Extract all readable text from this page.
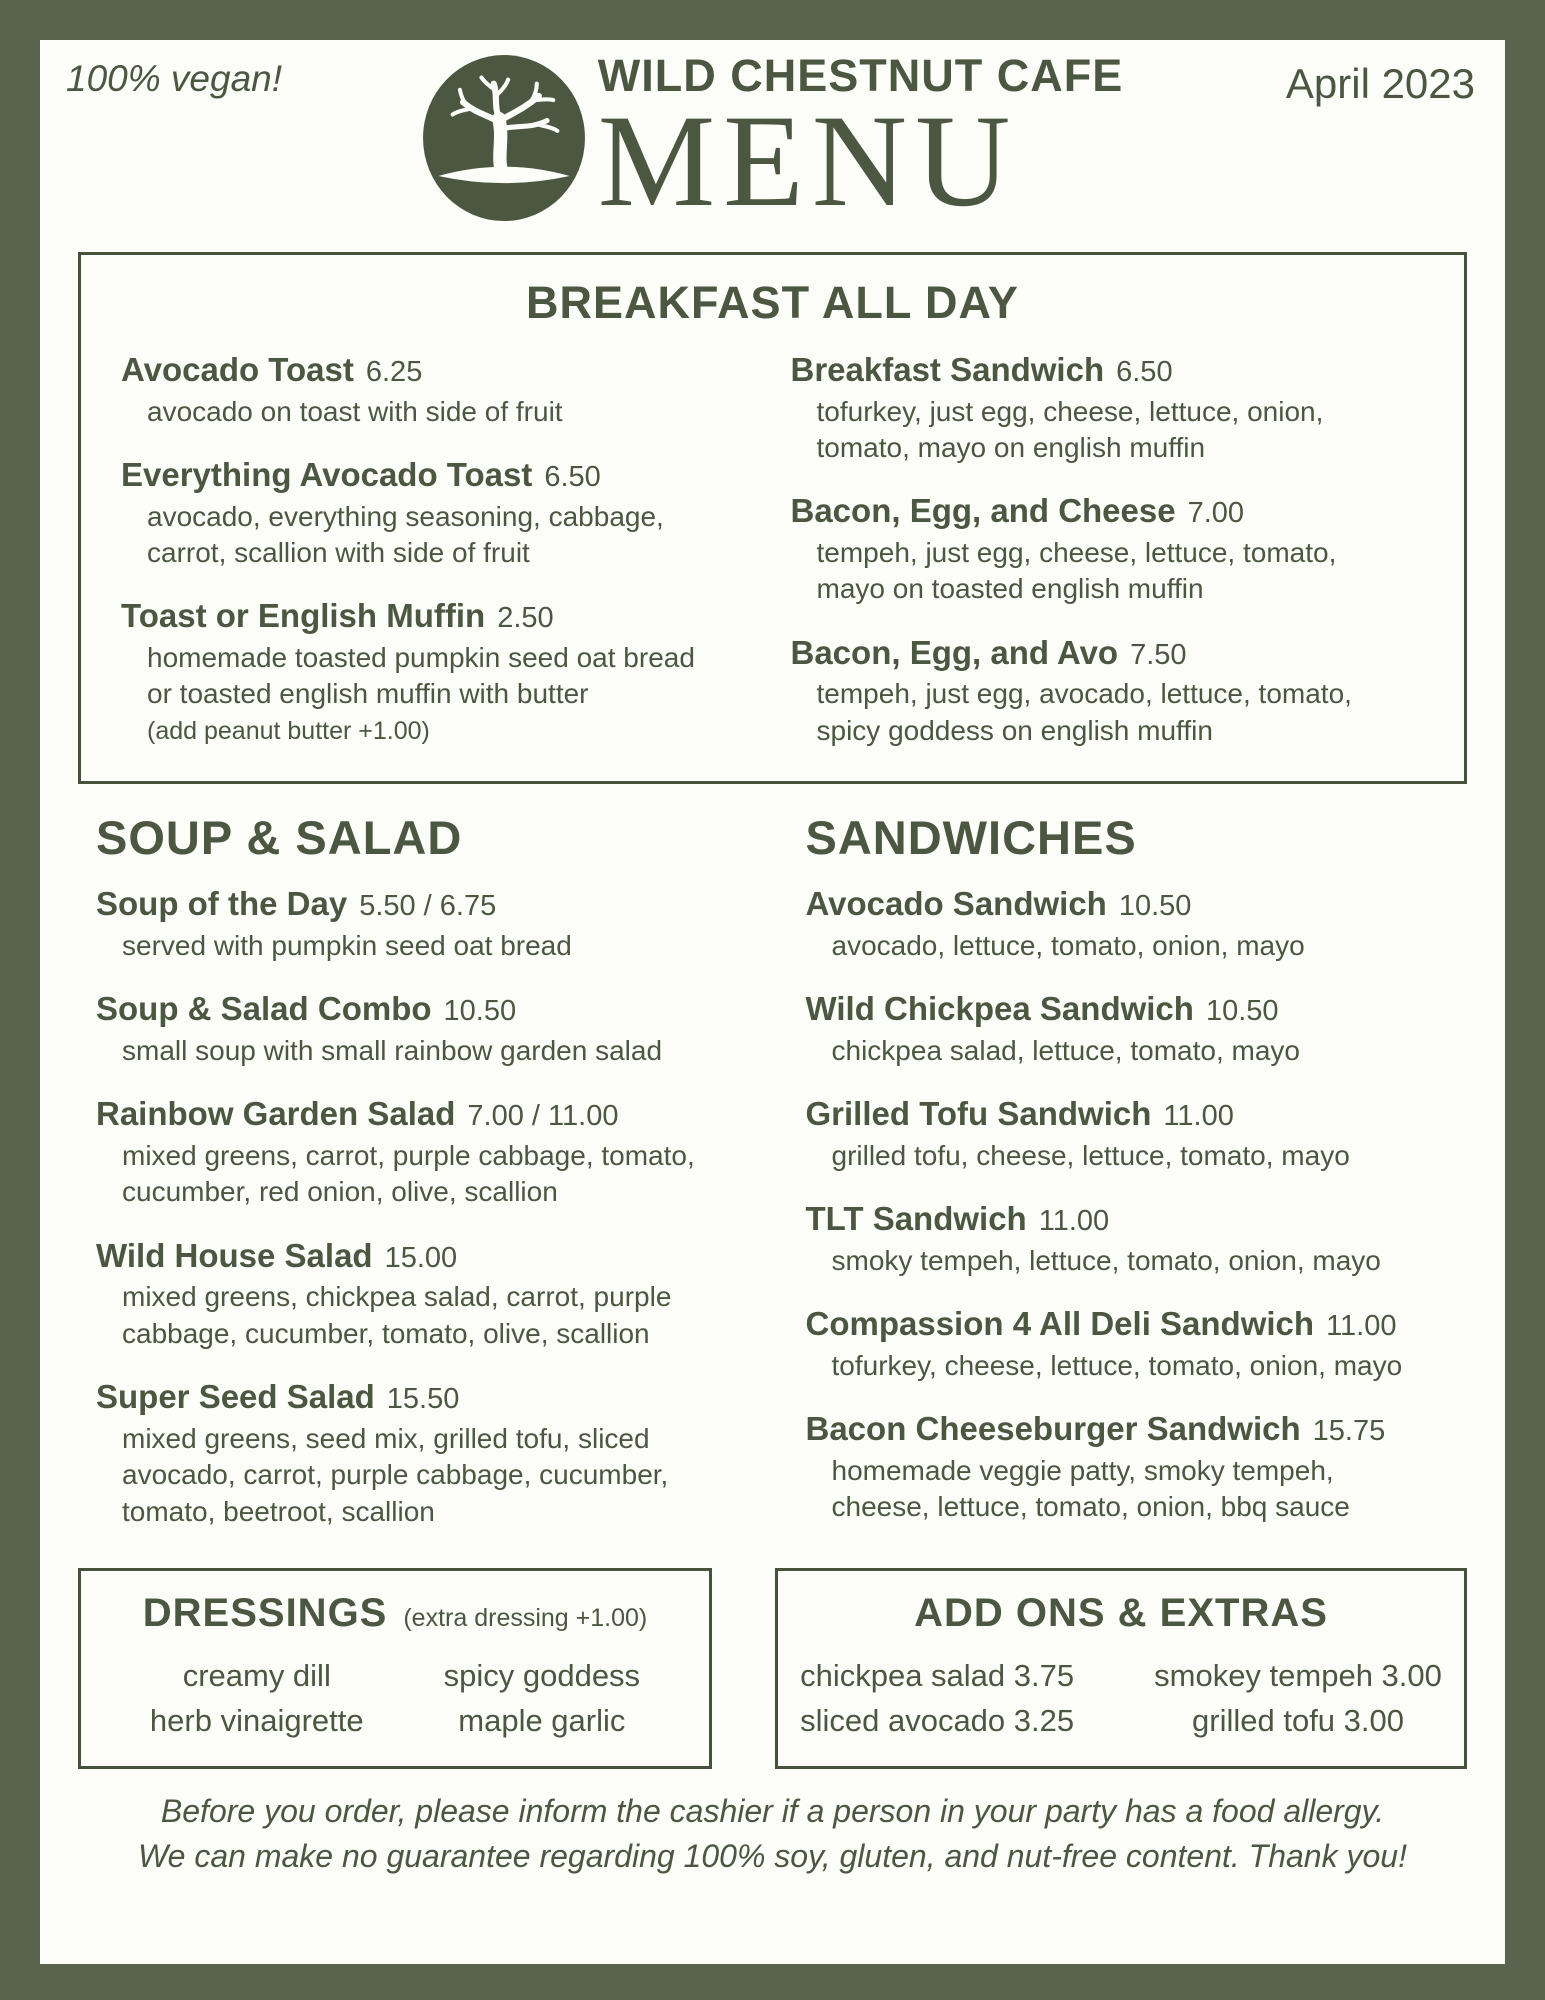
100% vegan!	April 2023
WILD CHESTNUT CAFE
MENU
BREAKFAST ALL DAY
Avocado Toast 6.25
avocado on toast with side of fruit
Everything Avocado Toast 6.50
avocado, everything seasoning, cabbage, carrot, scallion with side of fruit
Toast or English Muffin 2.50
homemade toasted pumpkin seed oat bread or toasted english muffin with butter
(add peanut butter +1.00)
Breakfast Sandwich 6.50
tofurkey, just egg, cheese, lettuce, onion, tomato, mayo on english muffin
Bacon, Egg, and Cheese 7.00
tempeh, just egg, cheese, lettuce, tomato, mayo on toasted english muffin
Bacon, Egg, and Avo 7.50
tempeh, just egg, avocado, lettuce, tomato, spicy goddess on english muffin
SOUP & SALAD
Soup of the Day 5.50 / 6.75
served with pumpkin seed oat bread
Soup & Salad Combo 10.50
small soup with small rainbow garden salad
Rainbow Garden Salad 7.00 / 11.00
mixed greens, carrot, purple cabbage, tomato, cucumber, red onion, olive, scallion
Wild House Salad 15.00
mixed greens, chickpea salad, carrot, purple cabbage, cucumber, tomato, olive, scallion
Super Seed Salad 15.50
mixed greens, seed mix, grilled tofu, sliced avocado, carrot, purple cabbage, cucumber, tomato, beetroot, scallion
SANDWICHES
Avocado Sandwich 10.50
avocado, lettuce, tomato, onion, mayo
Wild Chickpea Sandwich 10.50
chickpea salad, lettuce, tomato, mayo
Grilled Tofu Sandwich 11.00
grilled tofu, cheese, lettuce, tomato, mayo
TLT Sandwich 11.00
smoky tempeh, lettuce, tomato, onion, mayo
Compassion 4 All Deli Sandwich 11.00
tofurkey, cheese, lettuce, tomato, onion, mayo
Bacon Cheeseburger Sandwich 15.75
homemade veggie patty, smoky tempeh, cheese, lettuce, tomato, onion, bbq sauce
DRESSINGS (extra dressing +1.00)
creamy dill
herb vinaigrette
spicy goddess
maple garlic
ADD ONS & EXTRAS
chickpea salad 3.75
sliced avocado 3.25
smokey tempeh 3.00
grilled tofu 3.00
Before you order, please inform the cashier if a person in your party has a food allergy.
We can make no guarantee regarding 100% soy, gluten, and nut-free content. Thank you!
